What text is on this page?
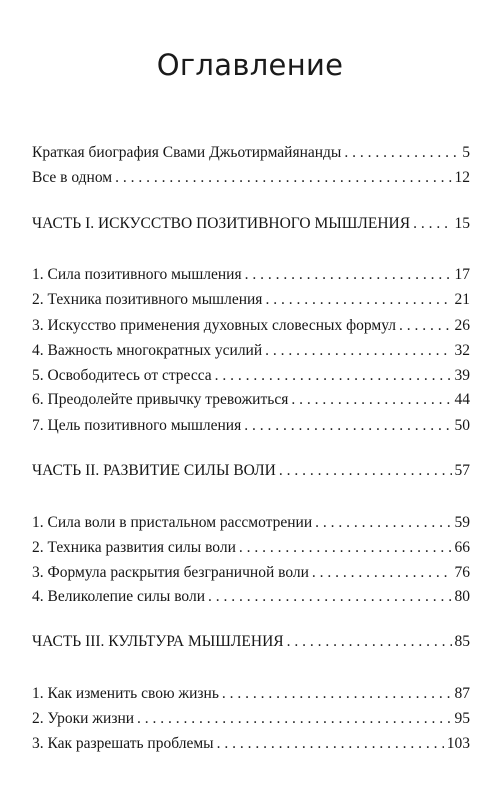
Оглавление
Краткая биография Свами Джьотирмайянанды . . .	5
Все в одном . . .	12
ЧАСТЬ I. ИСКУССТВО ПОЗИТИВНОГО МЫШЛЕНИЯ . . .	15
1. Сила позитивного мышления . . .	17
2. Техника позитивного мышления . . .	21
3. Искусство применения духовных словесных формул . . .	26
4. Важность многократных усилий . . .	32
5. Освободитесь от стресса . . .	39
6. Преодолейте привычку тревожиться . . .	44
7. Цель позитивного мышления . . .	50
ЧАСТЬ II. РАЗВИТИЕ СИЛЫ ВОЛИ . . .	57
1. Сила воли в пристальном рассмотрении . . .	59
2. Техника развития силы воли . . .	66
3. Формула раскрытия безграничной воли . . .	76
4. Великолепие силы воли . . .	80
ЧАСТЬ III. КУЛЬТУРА МЫШЛЕНИЯ . . .	85
1. Как изменить свою жизнь . . .	87
2. Уроки жизни . . .	95
3. Как разрешать проблемы . . .	103
